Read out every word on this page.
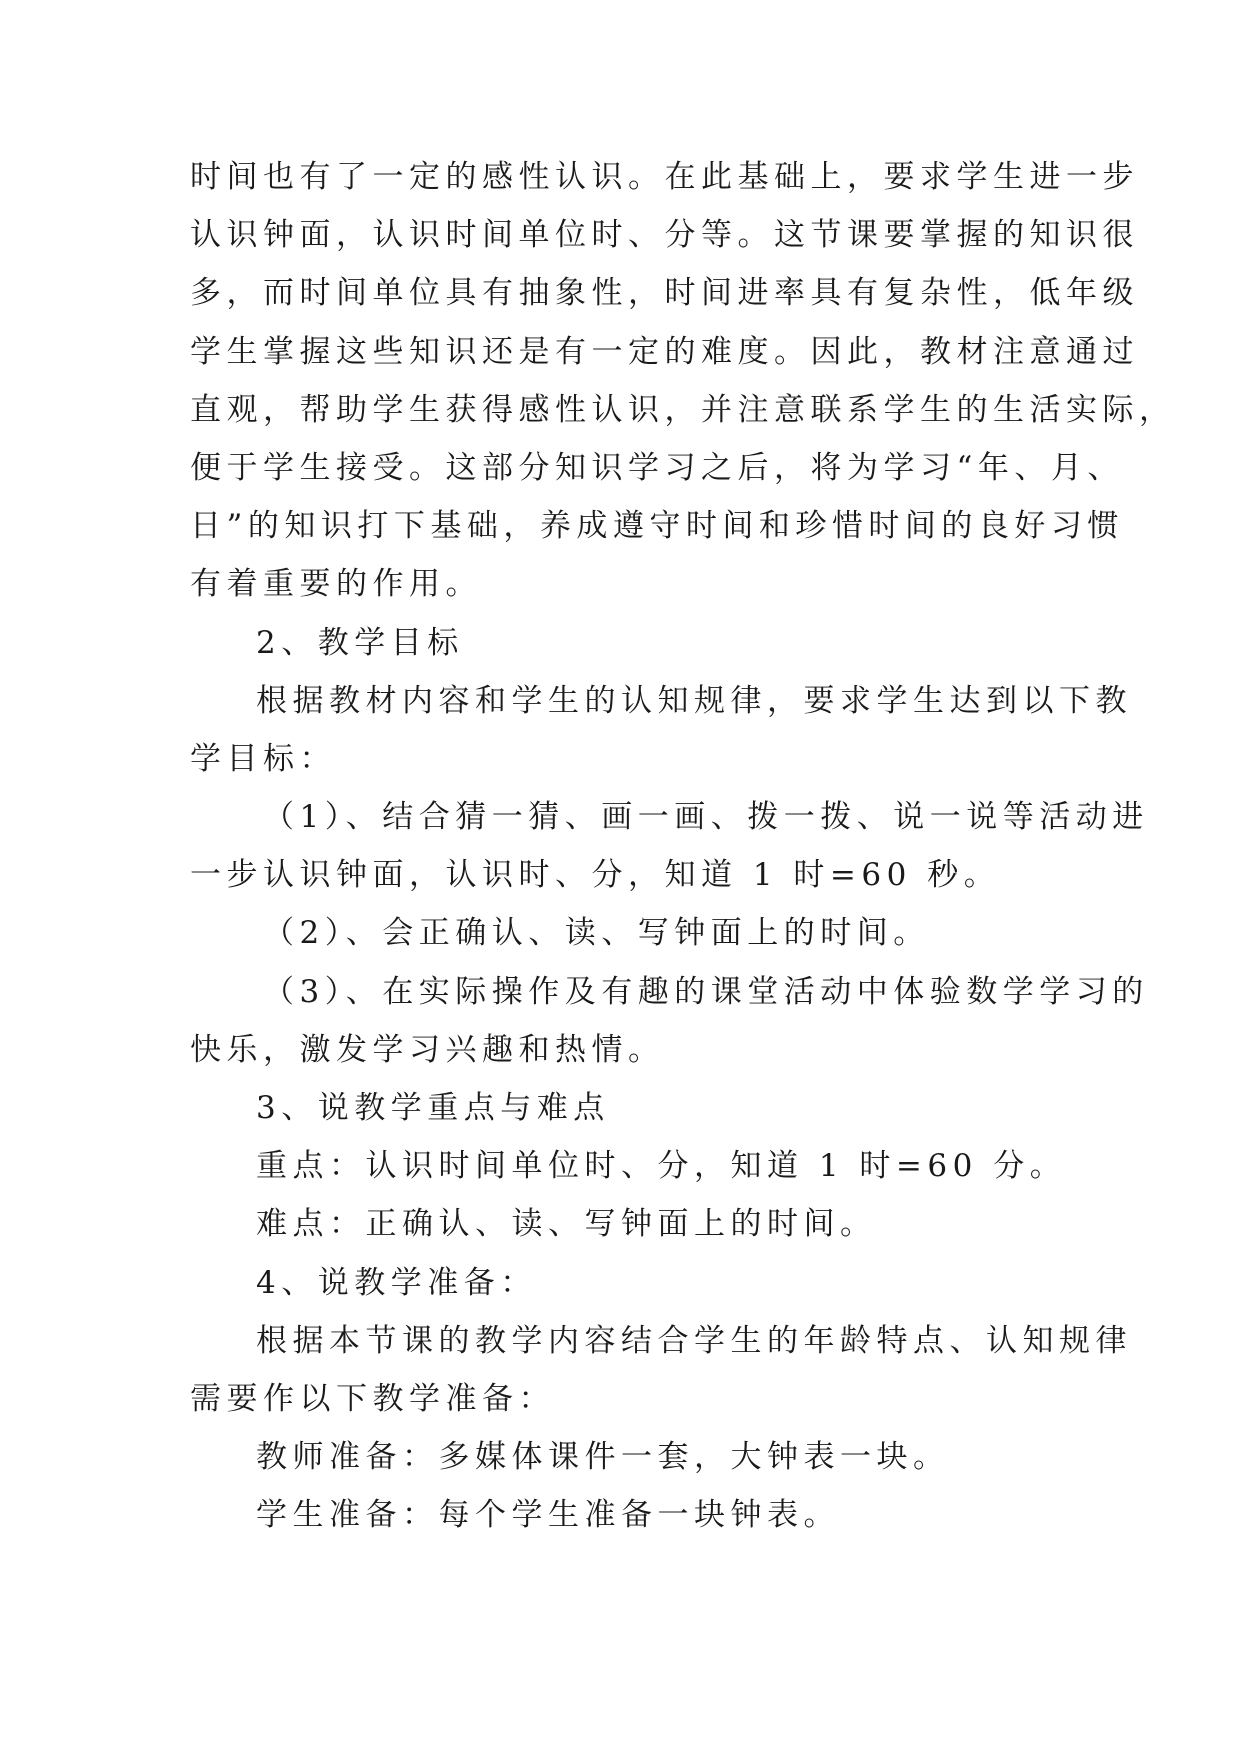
时间也有了一定的感性认识。在此基础上，要求学生进一步
认识钟面，认识时间单位时、分等。这节课要掌握的知识很
多，而时间单位具有抽象性，时间进率具有复杂性，低年级
学生掌握这些知识还是有一定的难度。因此，教材注意通过
直观，帮助学生获得感性认识，并注意联系学生的生活实际，
便于学生接受。这部分知识学习之后，将为学习“年、月、
日”的知识打下基础，养成遵守时间和珍惜时间的良好习惯
有着重要的作用。
2、教学目标
根据教材内容和学生的认知规律，要求学生达到以下教
学目标：
（1）、结合猜一猜、画一画、拨一拨、说一说等活动进
一步认识钟面，认识时、分，知道 1 时=60 秒。
（2）、会正确认、读、写钟面上的时间。
（3）、在实际操作及有趣的课堂活动中体验数学学习的
快乐，激发学习兴趣和热情。
3、说教学重点与难点
重点：认识时间单位时、分，知道 1 时=60 分。
难点：正确认、读、写钟面上的时间。
4、说教学准备：
根据本节课的教学内容结合学生的年龄特点、认知规律
需要作以下教学准备：
教师准备：多媒体课件一套，大钟表一块。
学生准备：每个学生准备一块钟表。
